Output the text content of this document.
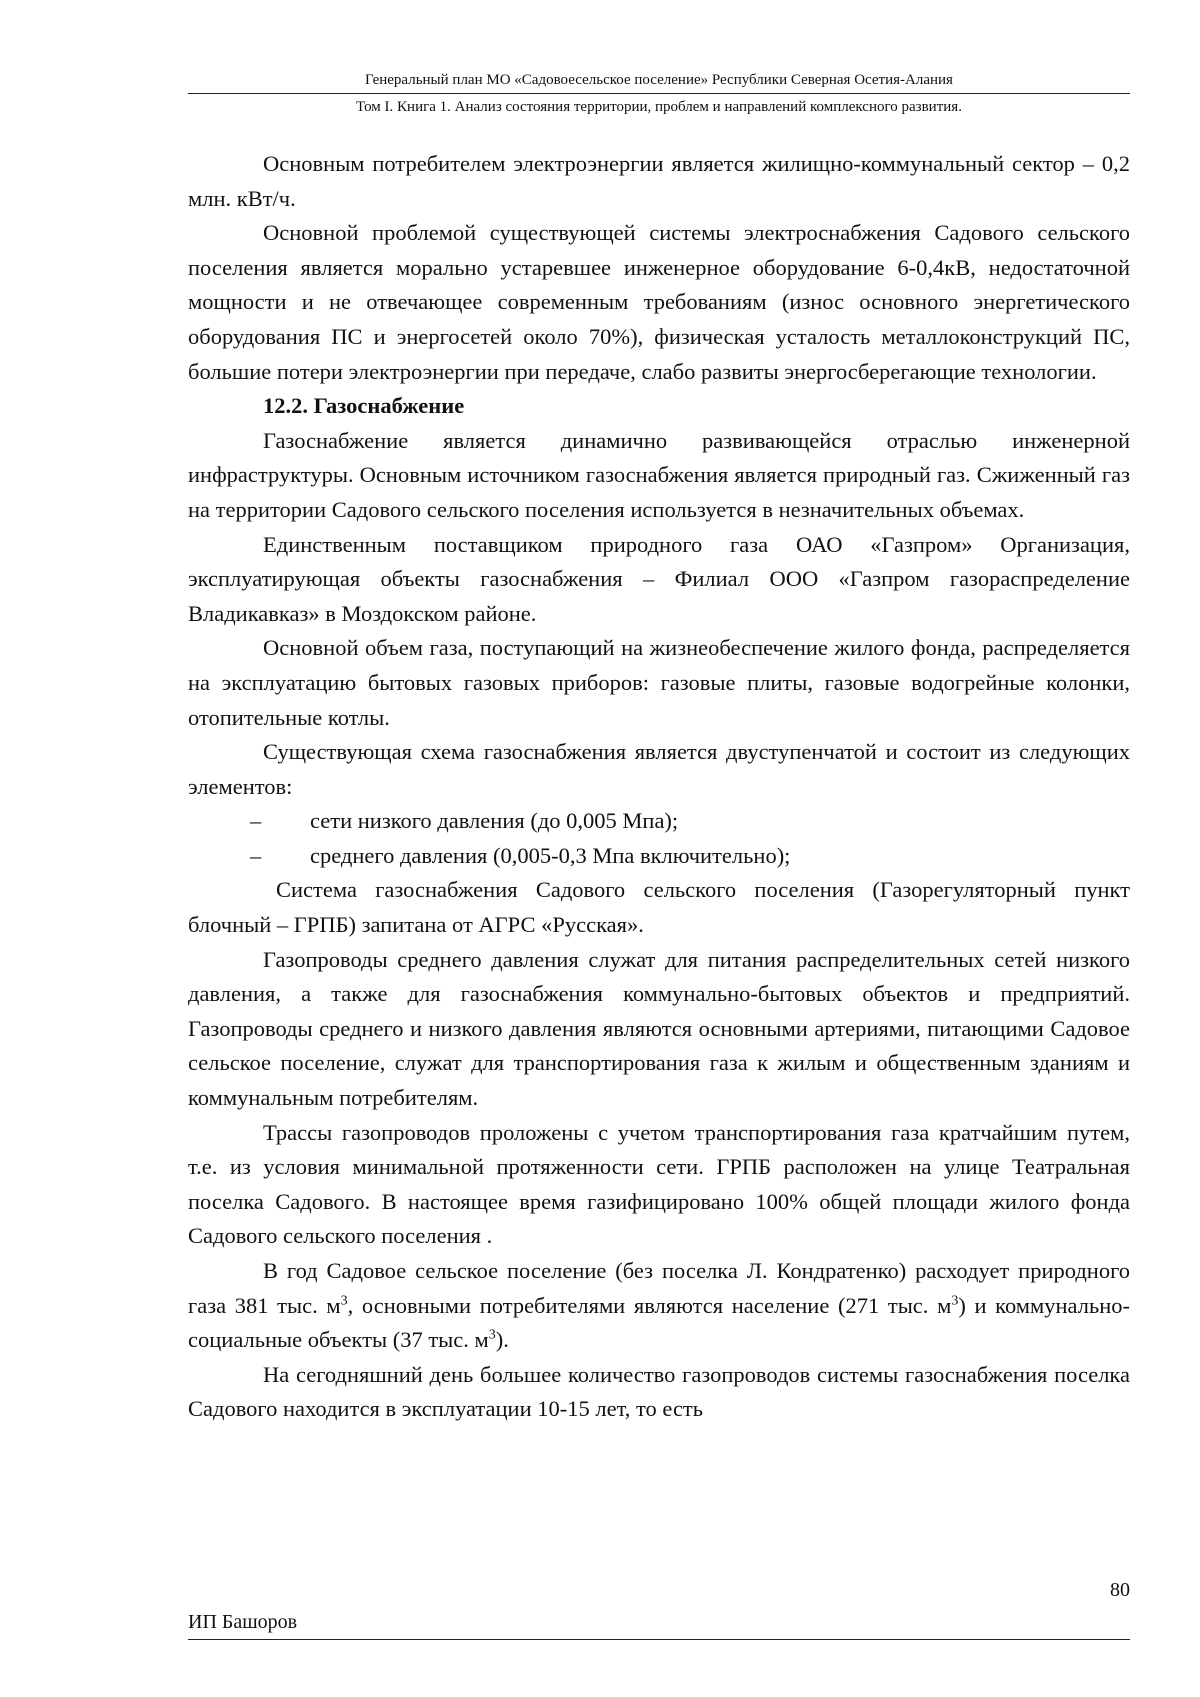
Генеральный план МО «Садовоесельское поселение» Республики Северная Осетия-Алания
Том I. Книга 1. Анализ состояния территории, проблем и направлений комплексного развития.

Основным потребителем электроэнергии является жилищно-коммунальный сектор – 0,2 млн. кВт/ч.

Основной проблемой существующей системы электроснабжения Садового сельского поселения является морально устаревшее инженерное оборудование 6-0,4кВ, недостаточной мощности и не отвечающее современным требованиям (износ основного энергетического оборудования ПС и энергосетей около 70%), физическая усталость металлоконструкций ПС, большие потери электроэнергии при передаче, слабо развиты энергосберегающие технологии.

12.2. Газоснабжение

Газоснабжение является динамично развивающейся отраслью инженерной инфраструктуры. Основным источником газоснабжения является природный газ. Сжиженный газ на территории Садового сельского поселения используется в незначительных объемах.

Единственным поставщиком природного газа ОАО «Газпром» Организация, эксплуатирующая объекты газоснабжения – Филиал ООО «Газпром газораспределение Владикавказ» в Моздокском районе.

Основной объем газа, поступающий на жизнеобеспечение жилого фонда, распределяется на эксплуатацию бытовых газовых приборов: газовые плиты, газовые водогрейные колонки, отопительные котлы.

Существующая схема газоснабжения является двуступенчатой и состоит из следующих элементов:

–	сети низкого давления (до 0,005 Мпа);
–	среднего давления (0,005-0,3 Мпа включительно);

Система газоснабжения Садового сельского поселения (Газорегуляторный пункт блочный – ГРПБ) запитана от АГРС «Русская».

Газопроводы среднего давления служат для питания распределительных сетей низкого давления, а также для газоснабжения коммунально-бытовых объектов и предприятий. Газопроводы среднего и низкого давления являются основными артериями, питающими Садовое сельское поселение, служат для транспортирования газа к жилым и общественным зданиям и коммунальным потребителям.

Трассы газопроводов проложены с учетом транспортирования газа кратчайшим путем, т.е. из условия минимальной протяженности сети. ГРПБ расположен на улице Театральная поселка Садового. В настоящее время газифицировано 100% общей площади жилого фонда Садового сельского поселения .

В год Садовое сельское поселение (без поселка Л. Кондратенко) расходует природного газа 381 тыс. $м^3$, основными потребителями являются население (271 тыс. $м^3$) и коммунально-социальные объекты (37 тыс. $м^3$).

На сегодняшний день большее количество газопроводов системы газоснабжения поселка Садового находится в эксплуатации 10-15 лет, то есть

80
ИП Башоров
